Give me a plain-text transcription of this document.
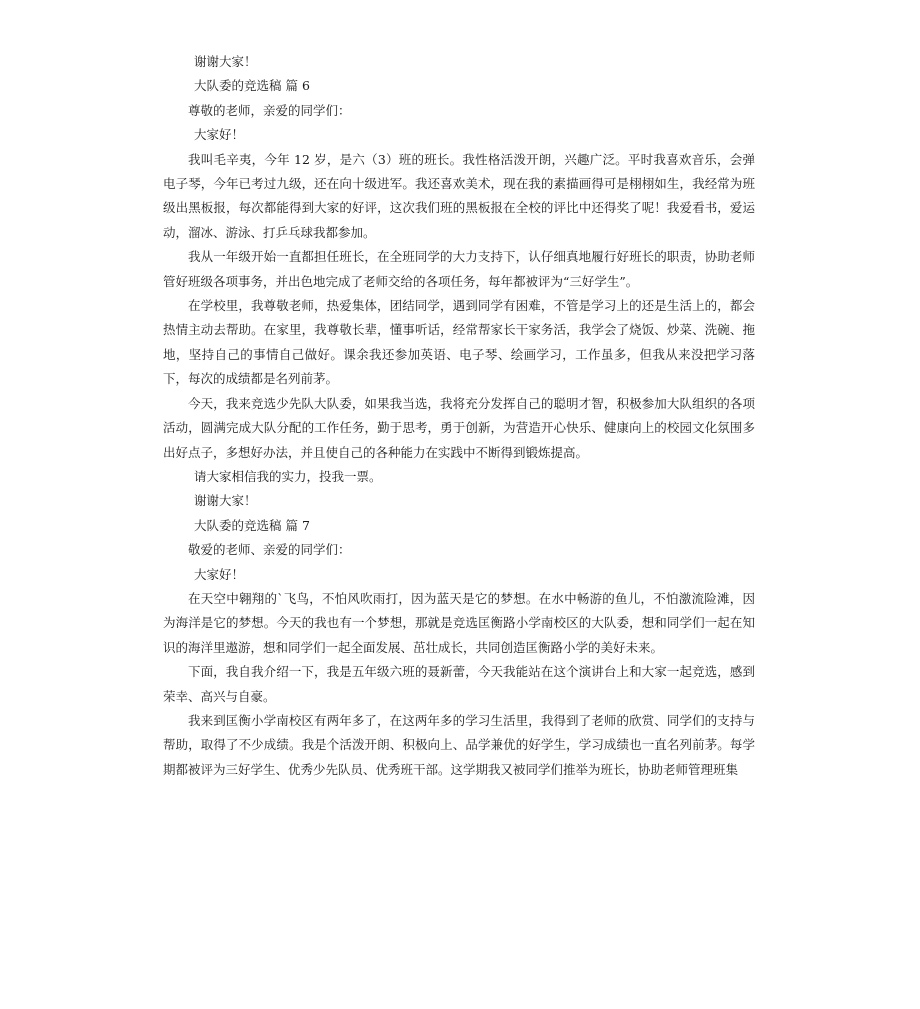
谢谢大家！

大队委的竞选稿 篇 6

尊敬的老师，亲爱的同学们：

大家好！

我叫毛辛夷，今年 12 岁，是六（3）班的班长。我性格活泼开朗，兴趣广泛。平时我喜欢音乐，会弹电子琴，今年已考过九级，还在向十级进军。我还喜欢美术，现在我的素描画得可是栩栩如生，我经常为班级出黑板报，每次都能得到大家的好评，这次我们班的黑板报在全校的评比中还得奖了呢！我爱看书，爱运动，溜冰、游泳、打乒乓球我都参加。

我从一年级开始一直都担任班长，在全班同学的大力支持下，认仔细真地履行好班长的职责，协助老师管好班级各项事务，并出色地完成了老师交给的各项任务，每年都被评为“三好学生”。

在学校里，我尊敬老师，热爱集体，团结同学，遇到同学有困难，不管是学习上的还是生活上的，都会热情主动去帮助。在家里，我尊敬长辈，懂事听话，经常帮家长干家务活，我学会了烧饭、炒菜、洗碗、拖地，坚持自己的事情自己做好。课余我还参加英语、电子琴、绘画学习，工作虽多，但我从来没把学习落下，每次的成绩都是名列前茅。

今天，我来竞选少先队大队委，如果我当选，我将充分发挥自己的聪明才智，积极参加大队组织的各项活动，圆满完成大队分配的工作任务，勤于思考，勇于创新，为营造开心快乐、健康向上的校园文化氛围多出好点子，多想好办法，并且使自己的各种能力在实践中不断得到锻炼提高。

请大家相信我的实力，投我一票。

谢谢大家！

大队委的竞选稿 篇 7

敬爱的老师、亲爱的同学们：

大家好！

在天空中翱翔的`飞鸟，不怕风吹雨打，因为蓝天是它的梦想。在水中畅游的鱼儿，不怕激流险滩，因为海洋是它的梦想。今天的我也有一个梦想，那就是竞选匡衡路小学南校区的大队委，想和同学们一起在知识的海洋里遨游，想和同学们一起全面发展、茁壮成长，共同创造匡衡路小学的美好未来。

下面，我自我介绍一下，我是五年级六班的聂新蕾，今天我能站在这个演讲台上和大家一起竞选，感到荣幸、高兴与自豪。

我来到匡衡小学南校区有两年多了，在这两年多的学习生活里，我得到了老师的欣赏、同学们的支持与帮助，取得了不少成绩。我是个活泼开朗、积极向上、品学兼优的好学生，学习成绩也一直名列前茅。每学期都被评为三好学生、优秀少先队员、优秀班干部。这学期我又被同学们推举为班长，协助老师管理班集
